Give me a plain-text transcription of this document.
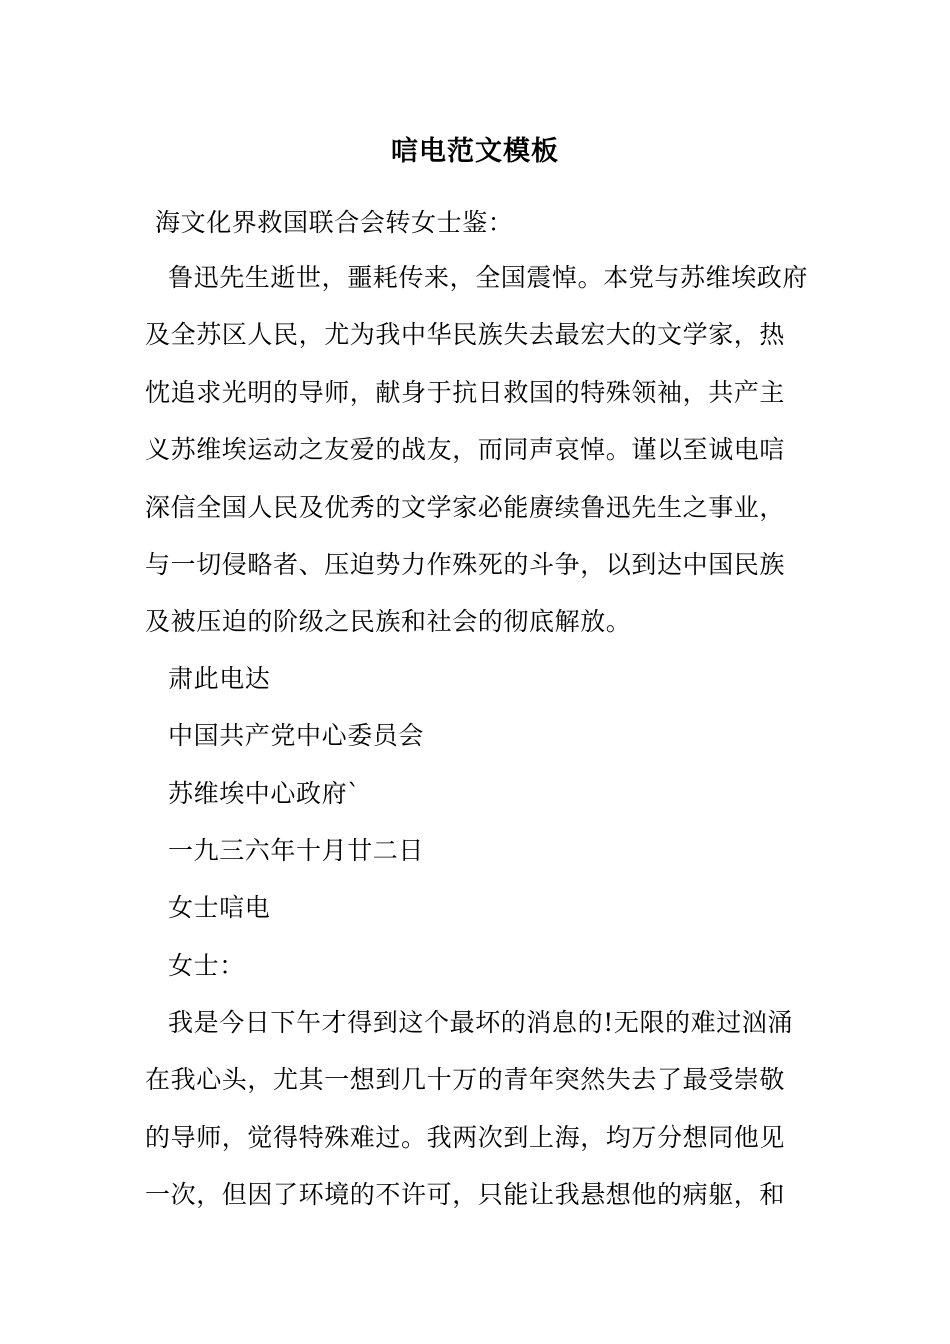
唁电范文模板
海文化界救国联合会转女士鉴：
鲁迅先生逝世，噩耗传来，全国震悼。本党与苏维埃政府
及全苏区人民，尤为我中华民族失去最宏大的文学家，热
忱追求光明的导师，献身于抗日救国的特殊领袖，共产主
义苏维埃运动之友爱的战友，而同声哀悼。谨以至诚电唁
深信全国人民及优秀的文学家必能赓续鲁迅先生之事业，
与一切侵略者、压迫势力作殊死的斗争，以到达中国民族
及被压迫的阶级之民族和社会的彻底解放。
肃此电达
中国共产党中心委员会
苏维埃中心政府`
一九三六年十月廿二日
女士唁电
女士：
我是今日下午才得到这个最坏的消息的!无限的难过汹涌
在我心头，尤其一想到几十万的青年突然失去了最受崇敬
的导师，觉得特殊难过。我两次到上海，均万分想同他见
一次，但因了环境的不许可，只能让我悬想他的病躯，和
